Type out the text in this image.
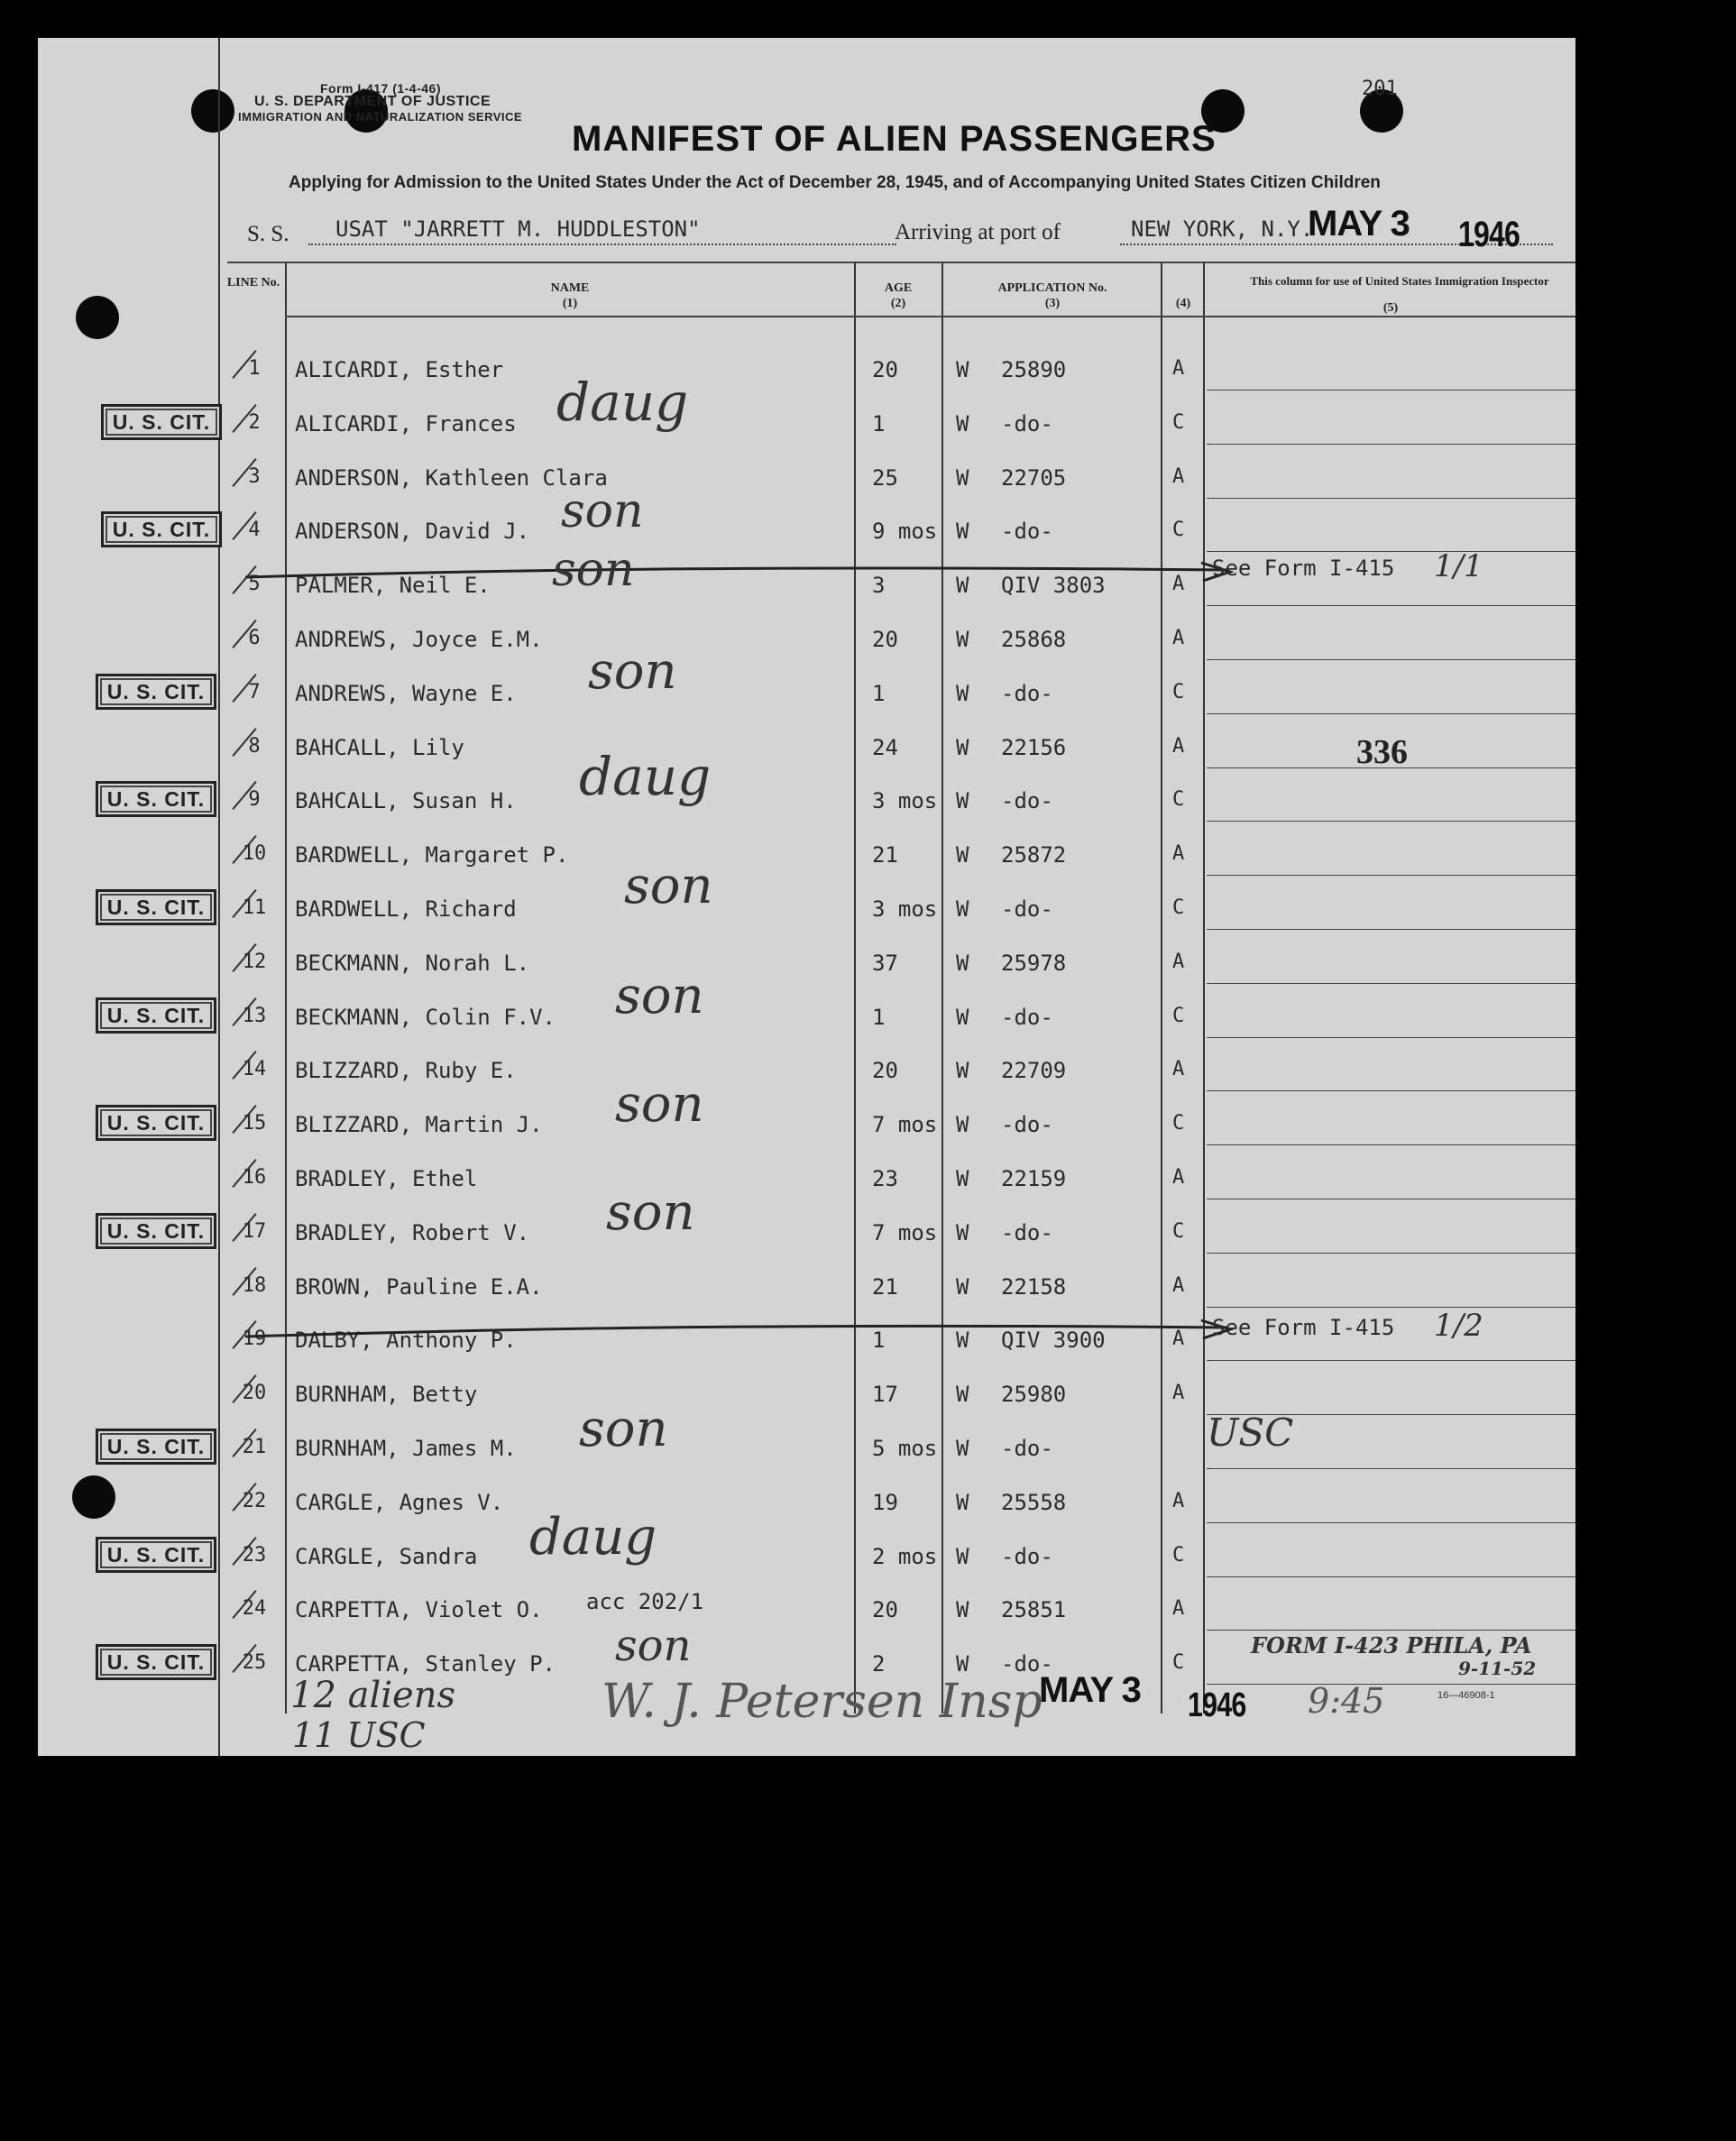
Form I-417 (1-4-46)
U. S. DEPARTMENT OF JUSTICE
IMMIGRATION AND NATURALIZATION SERVICE
201
MANIFEST OF ALIEN PASSENGERS
Applying for Admission to the United States Under the Act of December 28, 1945, and of Accompanying United States Citizen Children
S. S. USAT "JARRETT M. HUDDLESTON"	Arriving at port of	NEW YORK, N.Y.
MAY 3 1946
LINE No.	NAME
(1)
AGE
(2)
APPLICATION No.
(3)	(4)
This column for use of United States Immigration Inspector
(5)
1	ALICARDI, Esther	20	W 25890	A
2	ALICARDI, Frances	1	W -do-	C
3	ANDERSON, Kathleen Clara	25	W 22705	A
4	ANDERSON, David J.	9 mos W -do-	C
5	PALMER, Neil E.	3	W QIV 3803	A
6	ANDREWS, Joyce E.M.	20	W 25868	A
7	ANDREWS, Wayne E.	1	W -do-	C
8	BAHCALL, Lily	24	W 22156	A
9	BAHCALL, Susan H.	3 mos W -do-	C
10 BARDWELL, Margaret P.	21	W 25872	A
11 BARDWELL, Richard	3 mos W -do-	C
12 BECKMANN, Norah L.	37	W 25978	A
13 BECKMANN, Colin F.V.	1	W -do-	C
14 BLIZZARD, Ruby E.	20	W 22709	A
15 BLIZZARD, Martin J.	7 mos W -do-	C
16 BRADLEY, Ethel	23	W 22159	A
17 BRADLEY, Robert V.	7 mos W -do-	C
18 BROWN, Pauline E.A.	21	W 22158	A
19 DALBY, Anthony P.	1	W QIV 3900	A
20 BURNHAM, Betty	17	W 25980	A
21 BURNHAM, James M.	5 mos W -do-
22 CARGLE, Agnes V.	19	W 25558	A
23 CARGLE, Sandra	2 mos W -do-	C
24 CARPETTA, Violet O.	20	W 25851	A
25 CARPETTA, Stanley P.	2	W -do-	C
U. S. CIT.
U. S. CIT.
U. S. CIT.
U. S. CIT.
U. S. CIT.
U. S. CIT.
U. S. CIT.
U. S. CIT.
U. S. CIT.
U. S. CIT.
U. S. CIT.
daug
son
son
son
daug
son
son
son
son
son
daug
son
See Form I-415 1/1
See Form I-415 1/2
USC
acc 202/1
336
FORM I-423 PHILA, PA
9-11-52
12 aliens
11 USC
W. J. Petersen Insp
MAY 3 1946 9:45	16—46908-1
